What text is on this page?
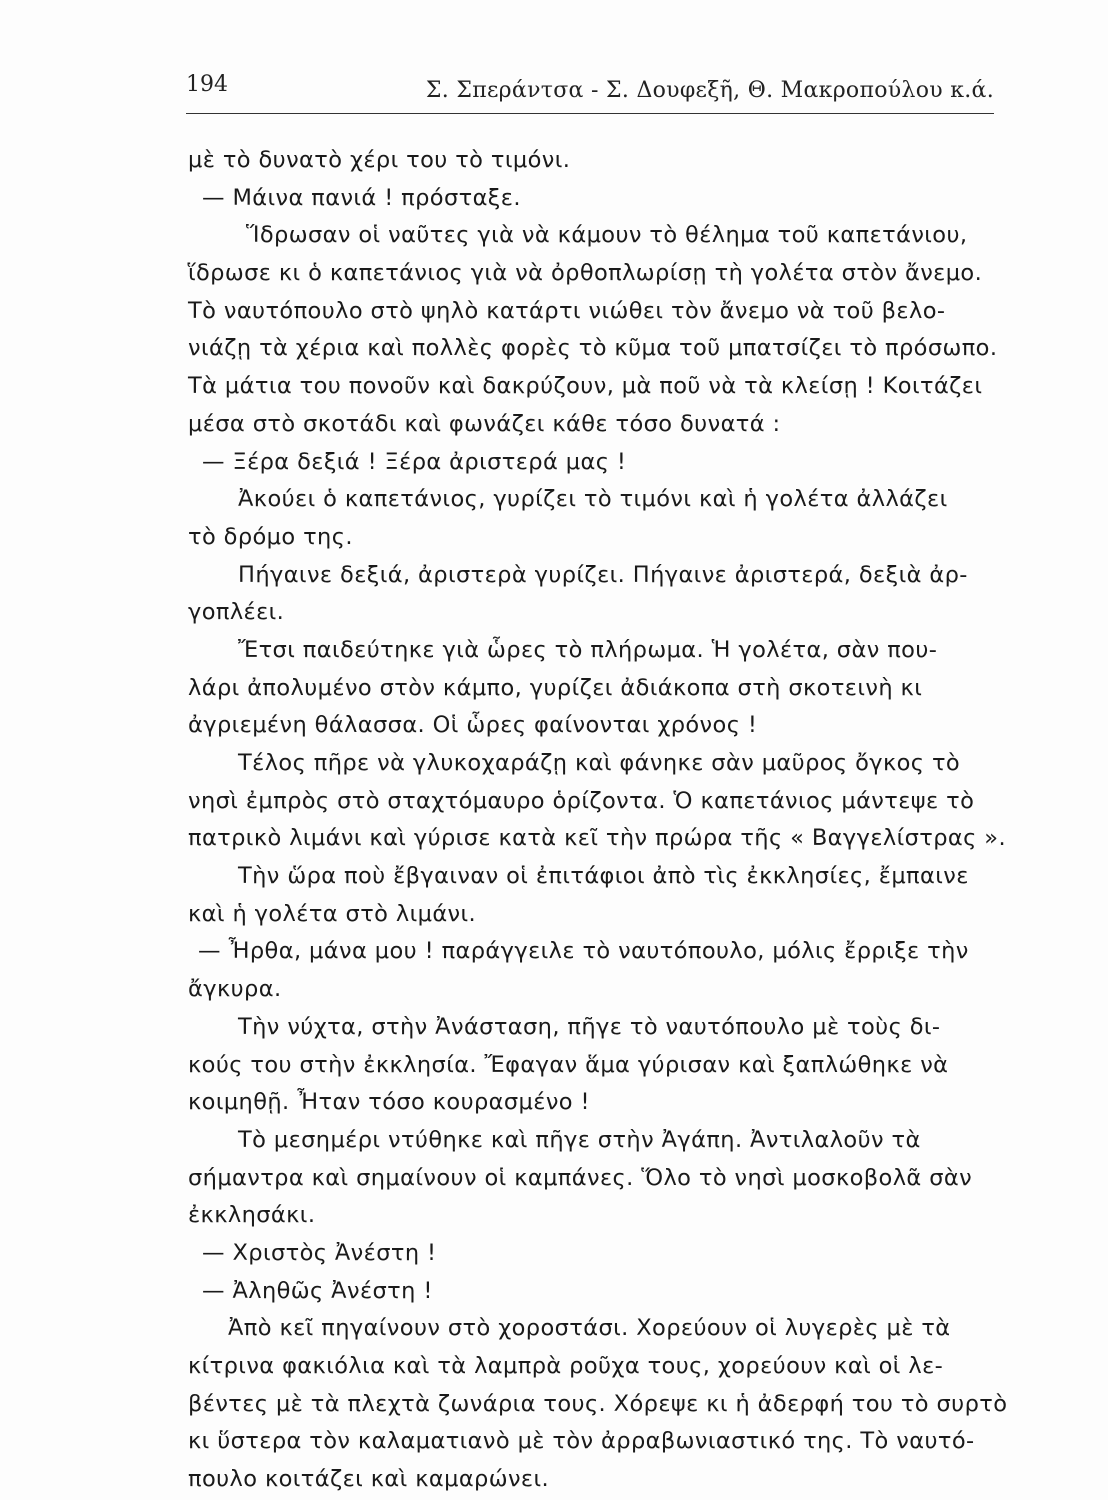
194	Σ. Σπεράντσα - Σ. Δουφεξῆ, Θ. Μακροπούλου κ.ά.
μὲ τὸ δυνατὸ χέρι του τὸ τιμόνι.
— Μάινα πανιά ! πρόσταξε.
Ἵδρωσαν οἱ ναῦτες γιὰ νὰ κάμουν τὸ θέλημα τοῦ καπετάνιου,
ἵδρωσε κι ὁ καπετάνιος γιὰ νὰ ὀρθοπλωρίσῃ τὴ γολέτα στὸν ἄνεμο.
Τὸ ναυτόπουλο στὸ ψηλὸ κατάρτι νιώθει τὸν ἄνεμο νὰ τοῦ βελο-
νιάζῃ τὰ χέρια καὶ πολλὲς φορὲς τὸ κῦμα τοῦ μπατσίζει τὸ πρόσωπο.
Τὰ μάτια του πονοῦν καὶ δακρύζουν, μὰ ποῦ νὰ τὰ κλείσῃ ! Κοιτάζει
μέσα στὸ σκοτάδι καὶ φωνάζει κάθε τόσο δυνατά :
— Ξέρα δεξιά ! Ξέρα ἀριστερά μας !
Ἀκούει ὁ καπετάνιος, γυρίζει τὸ τιμόνι καὶ ἡ γολέτα ἀλλάζει
τὸ δρόμο της.
Πήγαινε δεξιά, ἀριστερὰ γυρίζει. Πήγαινε ἀριστερά, δεξιὰ ἀρ-
γοπλέει.
Ἔτσι παιδεύτηκε γιὰ ὧρες τὸ πλήρωμα. Ἡ γολέτα, σὰν που-
λάρι ἀπολυμένο στὸν κάμπο, γυρίζει ἀδιάκοπα στὴ σκοτεινὴ κι
ἀγριεμένη θάλασσα. Οἱ ὧρες φαίνονται χρόνος !
Τέλος πῆρε νὰ γλυκοχαράζῃ καὶ φάνηκε σὰν μαῦρος ὄγκος τὸ
νησὶ ἐμπρὸς στὸ σταχτόμαυρο ὁρίζοντα. Ὁ καπετάνιος μάντεψε τὸ
πατρικὸ λιμάνι καὶ γύρισε κατὰ κεῖ τὴν πρώρα τῆς « Βαγγελίστρας ».
Τὴν ὥρα ποὺ ἔβγαιναν οἱ ἐπιτάφιοι ἀπὸ τὶς ἐκκλησίες, ἔμπαινε
καὶ ἡ γολέτα στὸ λιμάνι.
— Ἦρθα, μάνα μου ! παράγγειλε τὸ ναυτόπουλο, μόλις ἔρριξε τὴν
ἄγκυρα.
Τὴν νύχτα, στὴν Ἀνάσταση, πῆγε τὸ ναυτόπουλο μὲ τοὺς δι-
κούς του στὴν ἐκκλησία. Ἔφαγαν ἅμα γύρισαν καὶ ξαπλώθηκε νὰ
κοιμηθῇ. Ἦταν τόσο κουρασμένο !
Τὸ μεσημέρι ντύθηκε καὶ πῆγε στὴν Ἀγάπη. Ἀντιλαλοῦν τὰ
σήμαντρα καὶ σημαίνουν οἱ καμπάνες. Ὅλο τὸ νησὶ μοσκοβολᾶ σὰν
ἐκκλησάκι.
— Χριστὸς Ἀνέστη !
— Ἀληθῶς Ἀνέστη !
Ἀπὸ κεῖ πηγαίνουν στὸ χοροστάσι. Χορεύουν οἱ λυγερὲς μὲ τὰ
κίτρινα φακιόλια καὶ τὰ λαμπρὰ ροῦχα τους, χορεύουν καὶ οἱ λε-
βέντες μὲ τὰ πλεχτὰ ζωνάρια τους. Χόρεψε κι ἡ ἀδερφή του τὸ συρτὸ
κι ὕστερα τὸν καλαματιανὸ μὲ τὸν ἀρραβωνιαστικό της. Τὸ ναυτό-
πουλο κοιτάζει καὶ καμαρώνει.
